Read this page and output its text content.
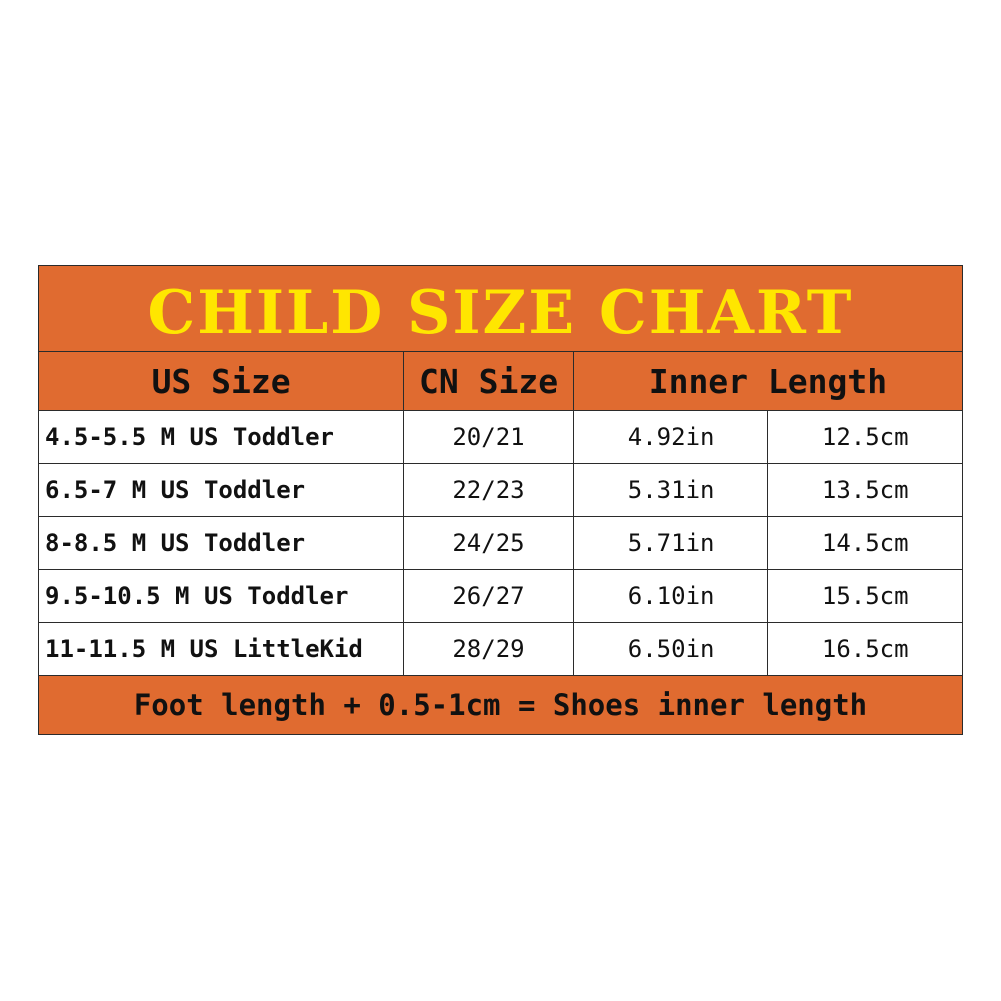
CHILD SIZE CHART
US Size	CN Size	Inner Length
4.5-5.5 M US Toddler	20/21	4.92in	12.5cm
6.5-7 M US Toddler	22/23	5.31in	13.5cm
8-8.5 M US Toddler	24/25	5.71in	14.5cm
9.5-10.5 M US Toddler	26/27	6.10in	15.5cm
11-11.5 M US LittleKid	28/29	6.50in	16.5cm
Foot length + 0.5-1cm = Shoes inner length
